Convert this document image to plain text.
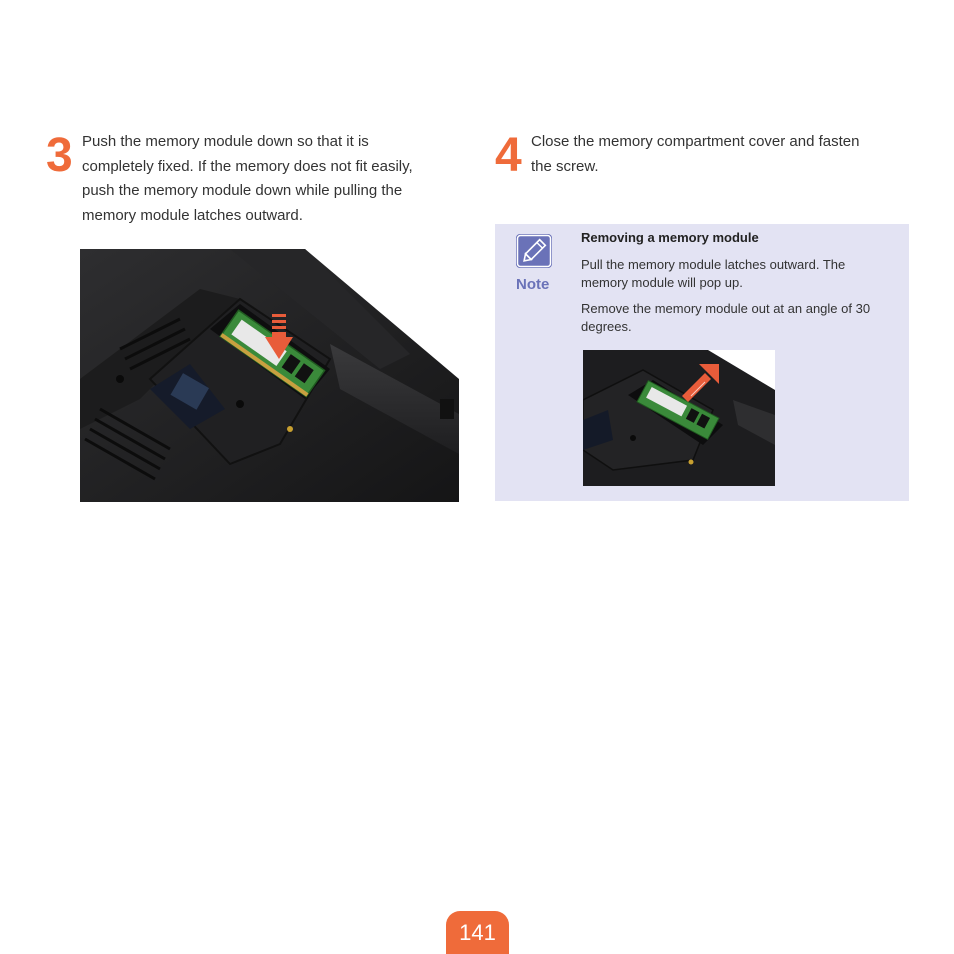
3 Push the memory module down so that it is
completely fixed. If the memory does not fit easily,
push the memory module down while pulling the
memory module latches outward.
4 Close the memory compartment cover and fasten
the screw.
Note
Removing a memory module
Pull the memory module latches outward. The
memory module will pop up.
Remove the memory module out at an angle of 30
degrees.
141
